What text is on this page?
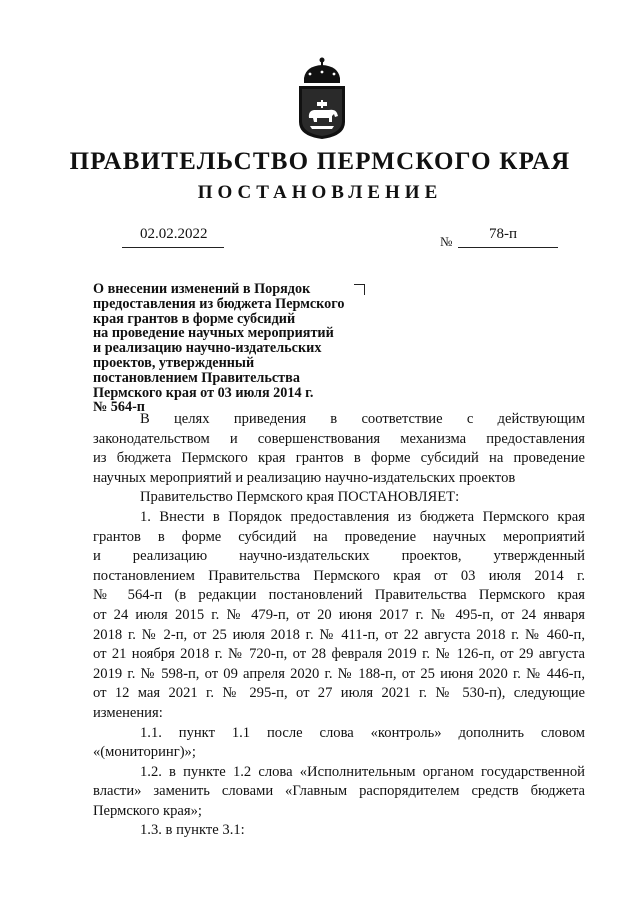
ПРАВИТЕЛЬСТВО ПЕРМСКОГО КРАЯ
ПОСТАНОВЛЕНИЕ
02.02.2022	№ 78-п
О внесении изменений в Порядок
предоставления из бюджета Пермского
края грантов в форме субсидий
на проведение научных мероприятий
и реализацию научно-издательских
проектов, утвержденный
постановлением Правительства
Пермского края от 03 июля 2014 г.
№ 564-п
В целях приведения в соответствие с действующим
законодательством и совершенствования механизма предоставления
из бюджета Пермского края грантов в форме субсидий на проведение
научных мероприятий и реализацию научно-издательских проектов
Правительство Пермского края ПОСТАНОВЛЯЕТ:
1. Внести в Порядок предоставления из бюджета Пермского края
грантов в форме субсидий на проведение научных мероприятий
и реализацию научно-издательских проектов, утвержденный
постановлением Правительства Пермского края от 03 июля 2014 г.
№ 564-п (в редакции постановлений Правительства Пермского края
от 24 июля 2015 г. № 479-п, от 20 июня 2017 г. № 495-п, от 24 января
2018 г. № 2-п, от 25 июля 2018 г. № 411-п, от 22 августа 2018 г. № 460-п,
от 21 ноября 2018 г. № 720-п, от 28 февраля 2019 г. № 126-п, от 29 августа
2019 г. № 598-п, от 09 апреля 2020 г. № 188-п, от 25 июня 2020 г. № 446-п,
от 12 мая 2021 г. № 295-п, от 27 июля 2021 г. № 530-п), следующие
изменения:
1.1. пункт 1.1 после слова «контроль» дополнить словом
«(мониторинг)»;
1.2. в пункте 1.2 слова «Исполнительным органом государственной
власти» заменить словами «Главным распорядителем средств бюджета
Пермского края»;
1.3. в пункте 3.1:
